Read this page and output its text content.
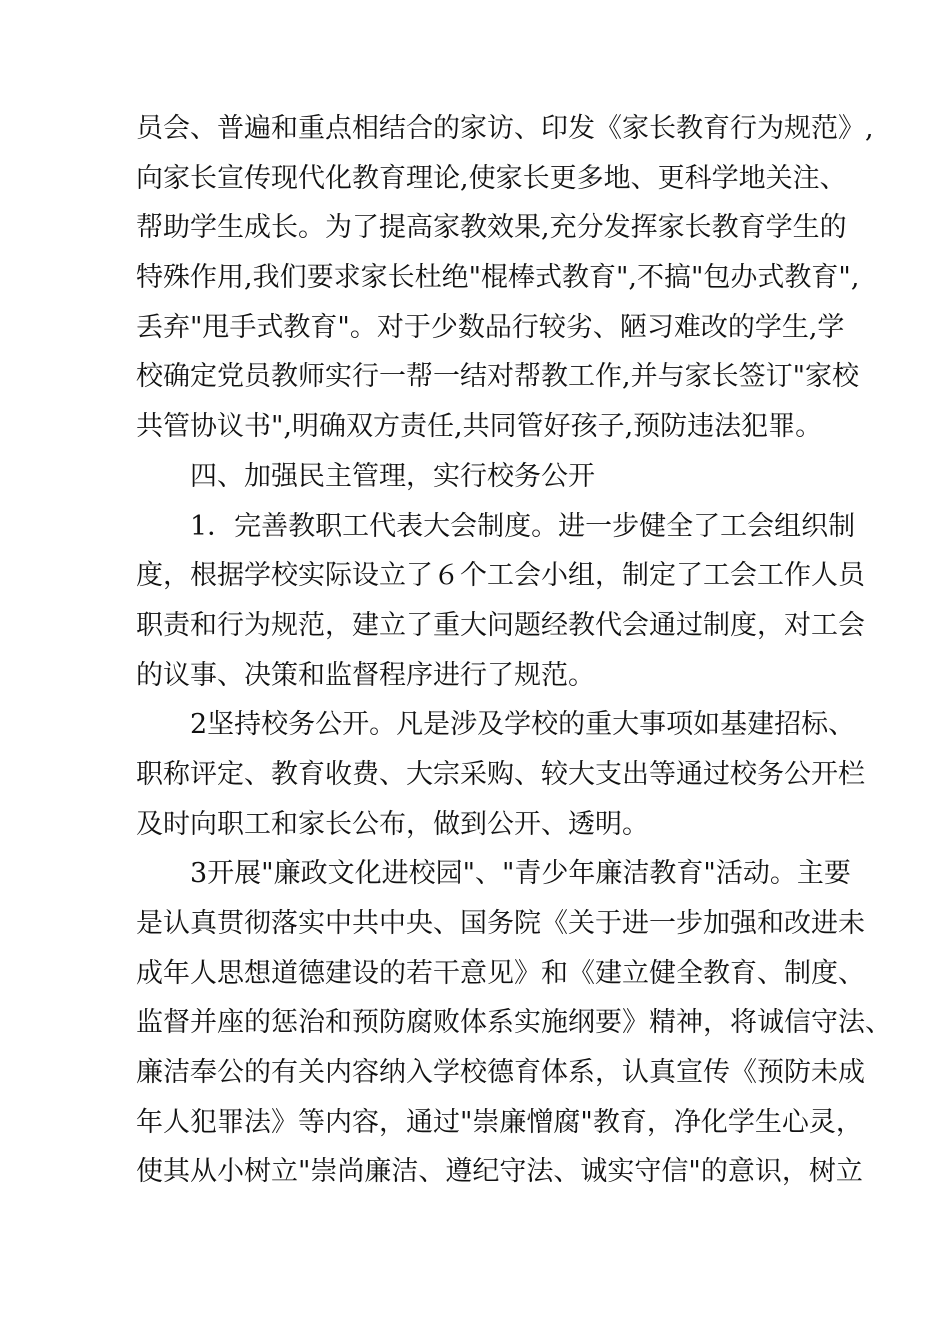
员会、普遍和重点相结合的家访、印发《家长教育行为规范》,
向家长宣传现代化教育理论,使家长更多地、更科学地关注、
帮助学生成长。为了提高家教效果,充分发挥家长教育学生的
特殊作用,我们要求家长杜绝"棍棒式教育",不搞"包办式教育",
丢弃"甩手式教育"。对于少数品行较劣、陋习难改的学生,学
校确定党员教师实行一帮一结对帮教工作,并与家长签订"家校
共管协议书",明确双方责任,共同管好孩子,预防违法犯罪。
四、加强民主管理，实行校务公开
1．完善教职工代表大会制度。进一步健全了工会组织制
度，根据学校实际设立了６个工会小组，制定了工会工作人员
职责和行为规范，建立了重大问题经教代会通过制度，对工会
的议事、决策和监督程序进行了规范。
2坚持校务公开。凡是涉及学校的重大事项如基建招标、
职称评定、教育收费、大宗采购、较大支出等通过校务公开栏
及时向职工和家长公布，做到公开、透明。
3开展"廉政文化进校园"、"青少年廉洁教育"活动。主要
是认真贯彻落实中共中央、国务院《关于进一步加强和改进未
成年人思想道德建设的若干意见》和《建立健全教育、制度、
监督并座的惩治和预防腐败体系实施纲要》精神，将诚信守法、
廉洁奉公的有关内容纳入学校德育体系，认真宣传《预防未成
年人犯罪法》等内容，通过"崇廉憎腐"教育，净化学生心灵，
使其从小树立"崇尚廉洁、遵纪守法、诚实守信"的意识，树立
